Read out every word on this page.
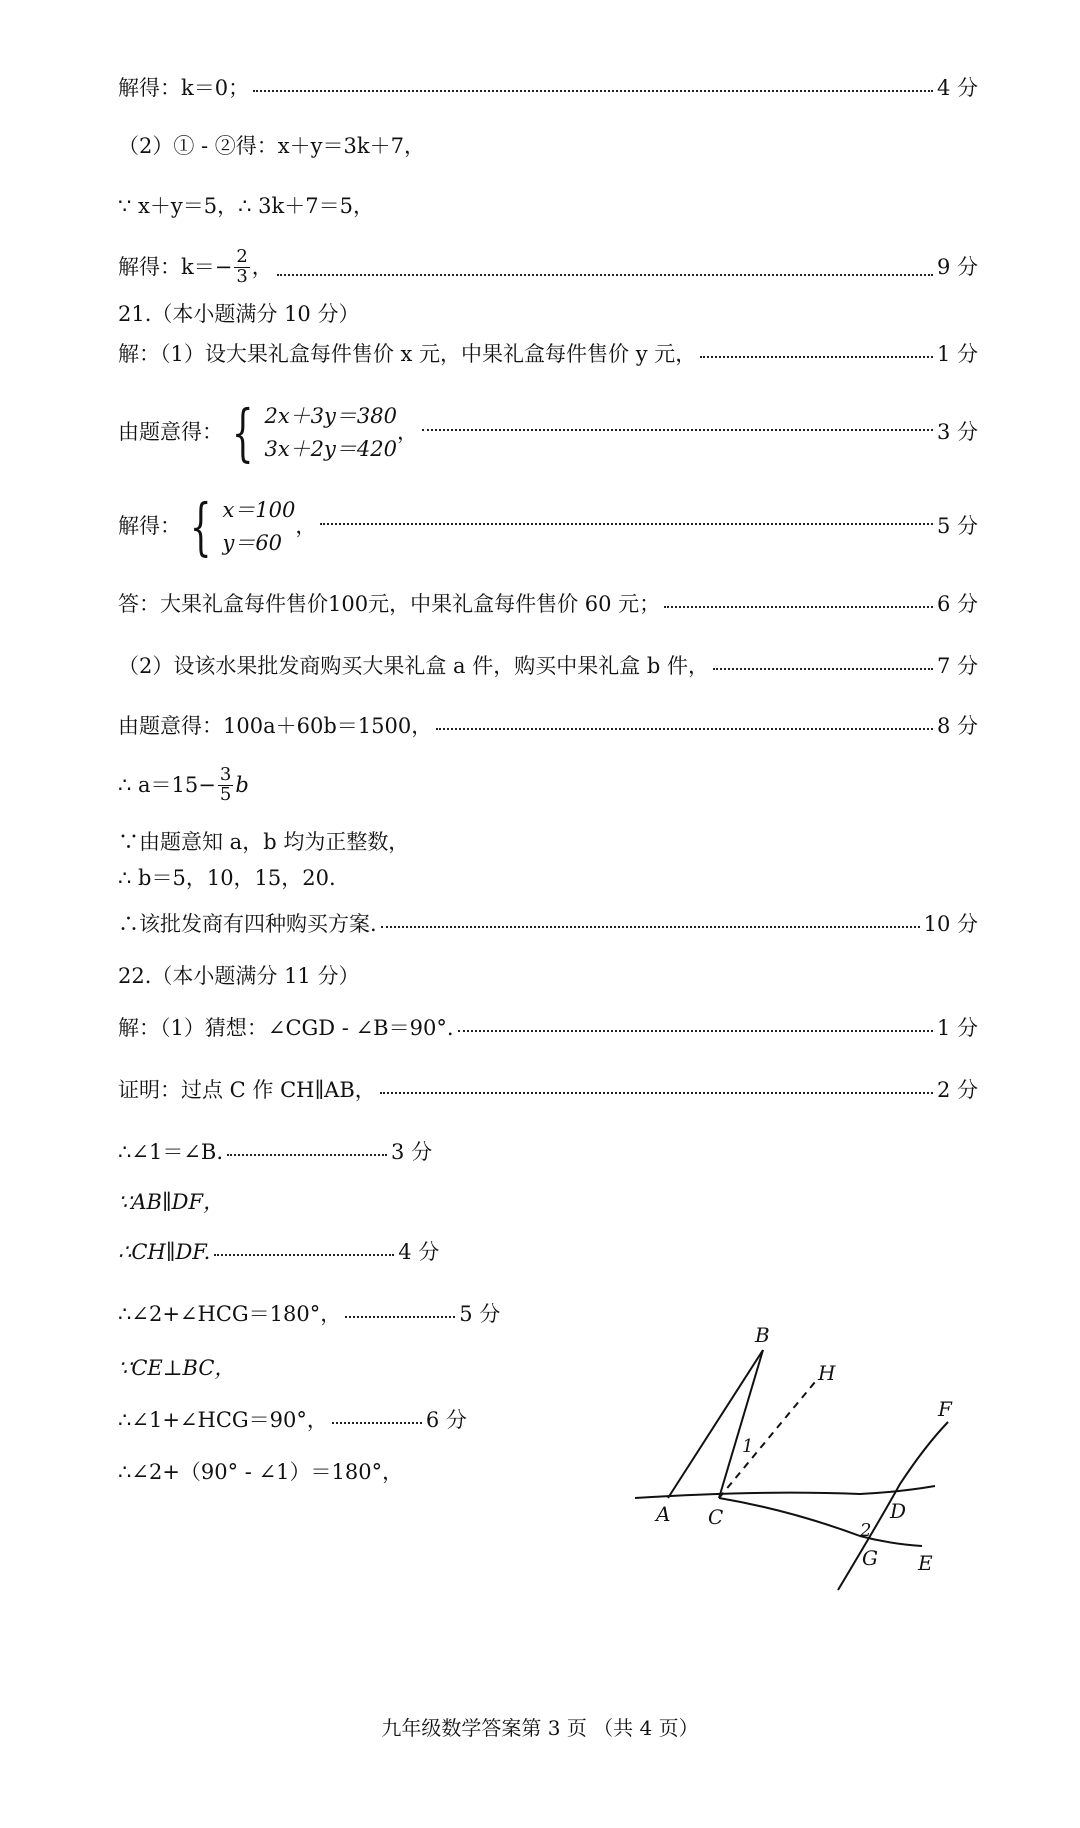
解得：k＝0；	4 分
（2）① - ②得：x＋y＝3k＋7，
∵ x＋y＝5，∴ 3k＋7＝5，
解得：$k=- \frac{2}{3}$ ，	9 分
21.（本小题满分 10 分）
解：（1）设大果礼盒每件售价 x 元，中果礼盒每件售价 y 元，	1 分
由题意得： { 2x＋3y＝380
3x＋2y＝420
，	3 分
解得： { x＝100
y＝60
，	5 分
答：大果礼盒每件售价100元，中果礼盒每件售价 60 元；	6 分
（2）设该水果批发商购买大果礼盒 a 件，购买中果礼盒 b 件，	7 分
由题意得：100a＋60b＝1500，	8 分
∴ $a=15- \frac{3}{5}$ b
∵由题意知 a，b 均为正整数，
∴ b＝5，10，15，20.
∴该批发商有四种购买方案.	10 分
22.（本小题满分 11 分）
解：（1）猜想：∠CGD - ∠B＝90°.	1 分
证明：过点 C 作 CH∥AB，	2 分
∴∠1＝∠B.	3 分
∵AB∥DF，
∴CH∥DF.	4 分
∴∠2+∠HCG＝180°，	5 分
∵CE⊥BC，
∴∠1+∠HCG＝90°，	6 分
∴∠2+（90° - ∠1）＝180°，
A C
B
H
F
D
G E
1
2
九年级数学答案第 3 页 （共 4 页）
